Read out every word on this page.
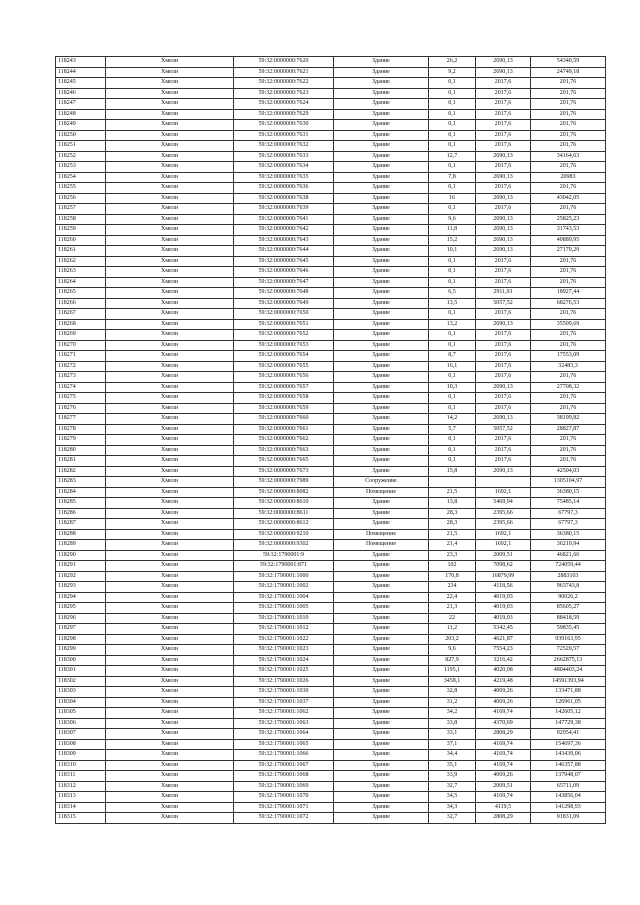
118243	Хмели	59:32:0000000:7620	Здание	26,2	2690,13	54340,59
118244	Хмели	59:32:0000000:7621	Здание	9,2	2690,13	24749,18
118245	Хмели	59:32:0000000:7622	Здание	0,1	2017,6	201,76
118246	Хмели	59:32:0000000:7623	Здание	0,1	2017,6	201,76
118247	Хмели	59:32:0000000:7624	Здание	0,1	2017,6	201,76
118248	Хмели	59:32:0000000:7629	Здание	0,1	2017,6	201,76
118249	Хмели	59:32:0000000:7630	Здание	0,1	2017,6	201,76
118250	Хмели	59:32:0000000:7631	Здание	0,1	2017,6	201,76
118251	Хмели	59:32:0000000:7632	Здание	0,1	2017,6	201,76
118252	Хмели	59:32:0000000:7633	Здание	12,7	2690,13	34164,63
118253	Хмели	59:32:0000000:7634	Здание	0,1	2017,6	201,76
118254	Хмели	59:32:0000000:7635	Здание	7,8	2690,13	20983
118255	Хмели	59:32:0000000:7636	Здание	0,1	2017,6	201,76
118256	Хмели	59:32:0000000:7638	Здание	16	2690,13	43042,05
118257	Хмели	59:32:0000000:7639	Здание	0,1	2017,6	201,76
118258	Хмели	59:32:0000000:7641	Здание	9,6	2690,13	25825,23
118259	Хмели	59:32:0000000:7642	Здание	11,8	2690,13	31743,53
118260	Хмели	59:32:0000000:7643	Здание	15,2	2690,13	40889,95
118261	Хмели	59:32:0000000:7644	Здание	10,1	2690,13	27170,29
118262	Хмели	59:32:0000000:7645	Здание	0,1	2017,6	201,76
118263	Хмели	59:32:0000000:7646	Здание	0,1	2017,6	201,76
118264	Хмели	59:32:0000000:7647	Здание	0,1	2017,6	201,76
118265	Хмели	59:32:0000000:7648	Здание	6,5	2911,91	18927,44
118266	Хмели	59:32:0000000:7649	Здание	13,5	5057,52	68276,53
118267	Хмели	59:32:0000000:7650	Здание	0,1	2017,6	201,76
118268	Хмели	59:32:0000000:7651	Здание	13,2	2690,13	35509,69
118269	Хмели	59:32:0000000:7652	Здание	0,1	2017,6	201,76
118270	Хмели	59:32:0000000:7653	Здание	0,1	2017,6	201,76
118271	Хмели	59:32:0000000:7654	Здание	8,7	2017,6	17553,09
118272	Хмели	59:32:0000000:7655	Здание	16,1	2017,6	32483,3
118273	Хмели	59:32:0000000:7656	Здание	0,1	2017,6	201,76
118274	Хмели	59:32:0000000:7657	Здание	10,3	2690,13	27708,32
118275	Хмели	59:32:0000000:7658	Здание	0,1	2017,6	201,76
118276	Хмели	59:32:0000000:7659	Здание	0,1	2017,6	201,76
118277	Хмели	59:32:0000000:7660	Здание	14,2	2690,13	38199,82
118278	Хмели	59:32:0000000:7661	Здание	5,7	5057,52	28827,87
118279	Хмели	59:32:0000000:7662	Здание	0,1	2017,6	201,76
118280	Хмели	59:32:0000000:7663	Здание	0,1	2017,6	201,76
118281	Хмели	59:32:0000000:7665	Здание	0,1	2017,6	201,76
118282	Хмели	59:32:0000000:7673	Здание	15,8	2690,13	42504,03
118283	Хмели	59:32:0000000:7989	Сооружение			1305104,97
118284	Хмели	59:32:0000000:8082	Помещение	21,5	1692,1	36380,15
118285	Хмели	59:32:0000000:8610	Здание	13,8	5469,94	75485,14
118286	Хмели	59:32:0000000:8611	Здание	28,3	2395,66	67797,3
118287	Хмели	59:32:0000000:8612	Здание	28,3	2395,66	67797,3
118288	Хмели	59:32:0000000:9210	Помещение	21,5	1692,1	36380,15
118289	Хмели	59:32:0000000:9302	Помещение	21,4	1692,1	36210,94
118290	Хмели	59:32:1790001:9	Здание	23,3	2009,51	46821,66
118291	Хмели	59:32:1790001:871	Здание	102	7098,62	724059,44
118292	Хмели	59:32:1790001:1000	Здание	170,8	16879,99	2883103
118293	Хмели	59:32:1790001:1002	Здание	234	4118,56	963743,8
118294	Хмели	59:32:1790001:1004	Здание	22,4	4019,03	90026,2
118295	Хмели	59:32:1790001:1005	Здание	21,3	4019,03	85605,27
118296	Хмели	59:32:1790001:1010	Здание	22	4019,03	88418,59
118297	Хмели	59:32:1790001:1012	Здание	11,2	5342,45	59835,45
118298	Хмели	59:32:1790001:1022	Здание	203,2	4621,87	939163,95
118299	Хмели	59:32:1790001:1023	Здание	9,6	7554,23	72520,57
118300	Хмели	59:32:1790001:1024	Здание	827,9	3216,42	2662875,13
118301	Хмели	59:32:1790001:1025	Здание	1195,1	4020,08	4804403,24
118302	Хмели	59:32:1790001:1026	Здание	3458,1	4219,48	14591393,94
118303	Хмели	59:32:1790001:1030	Здание	32,8	4069,26	133471,88
118304	Хмели	59:32:1790001:1037	Здание	31,2	4069,26	126961,05
118305	Хмели	59:32:1790001:1062	Здание	34,2	4169,74	142605,12
118306	Хмели	59:32:1790001:1063	Здание	33,8	4370,69	147729,38
118307	Хмели	59:32:1790001:1064	Здание	33,1	2808,29	92954,41
118308	Хмели	59:32:1790001:1065	Здание	37,1	4169,74	154697,36
118309	Хмели	59:32:1790001:1066	Здание	34,4	4169,74	143439,06
118310	Хмели	59:32:1790001:1067	Здание	35,1	4169,74	146357,88
118311	Хмели	59:32:1790001:1068	Здание	33,9	4069,26	137948,07
118312	Хмели	59:32:1790001:1069	Здание	32,7	2009,51	65711,09
118313	Хмели	59:32:1790001:1070	Здание	34,5	4169,74	143856,04
118314	Хмели	59:32:1790001:1071	Здание	34,3	4119,5	141298,93
118315	Хмели	59:32:1790001:1072	Здание	32,7	2808,29	91831,09
